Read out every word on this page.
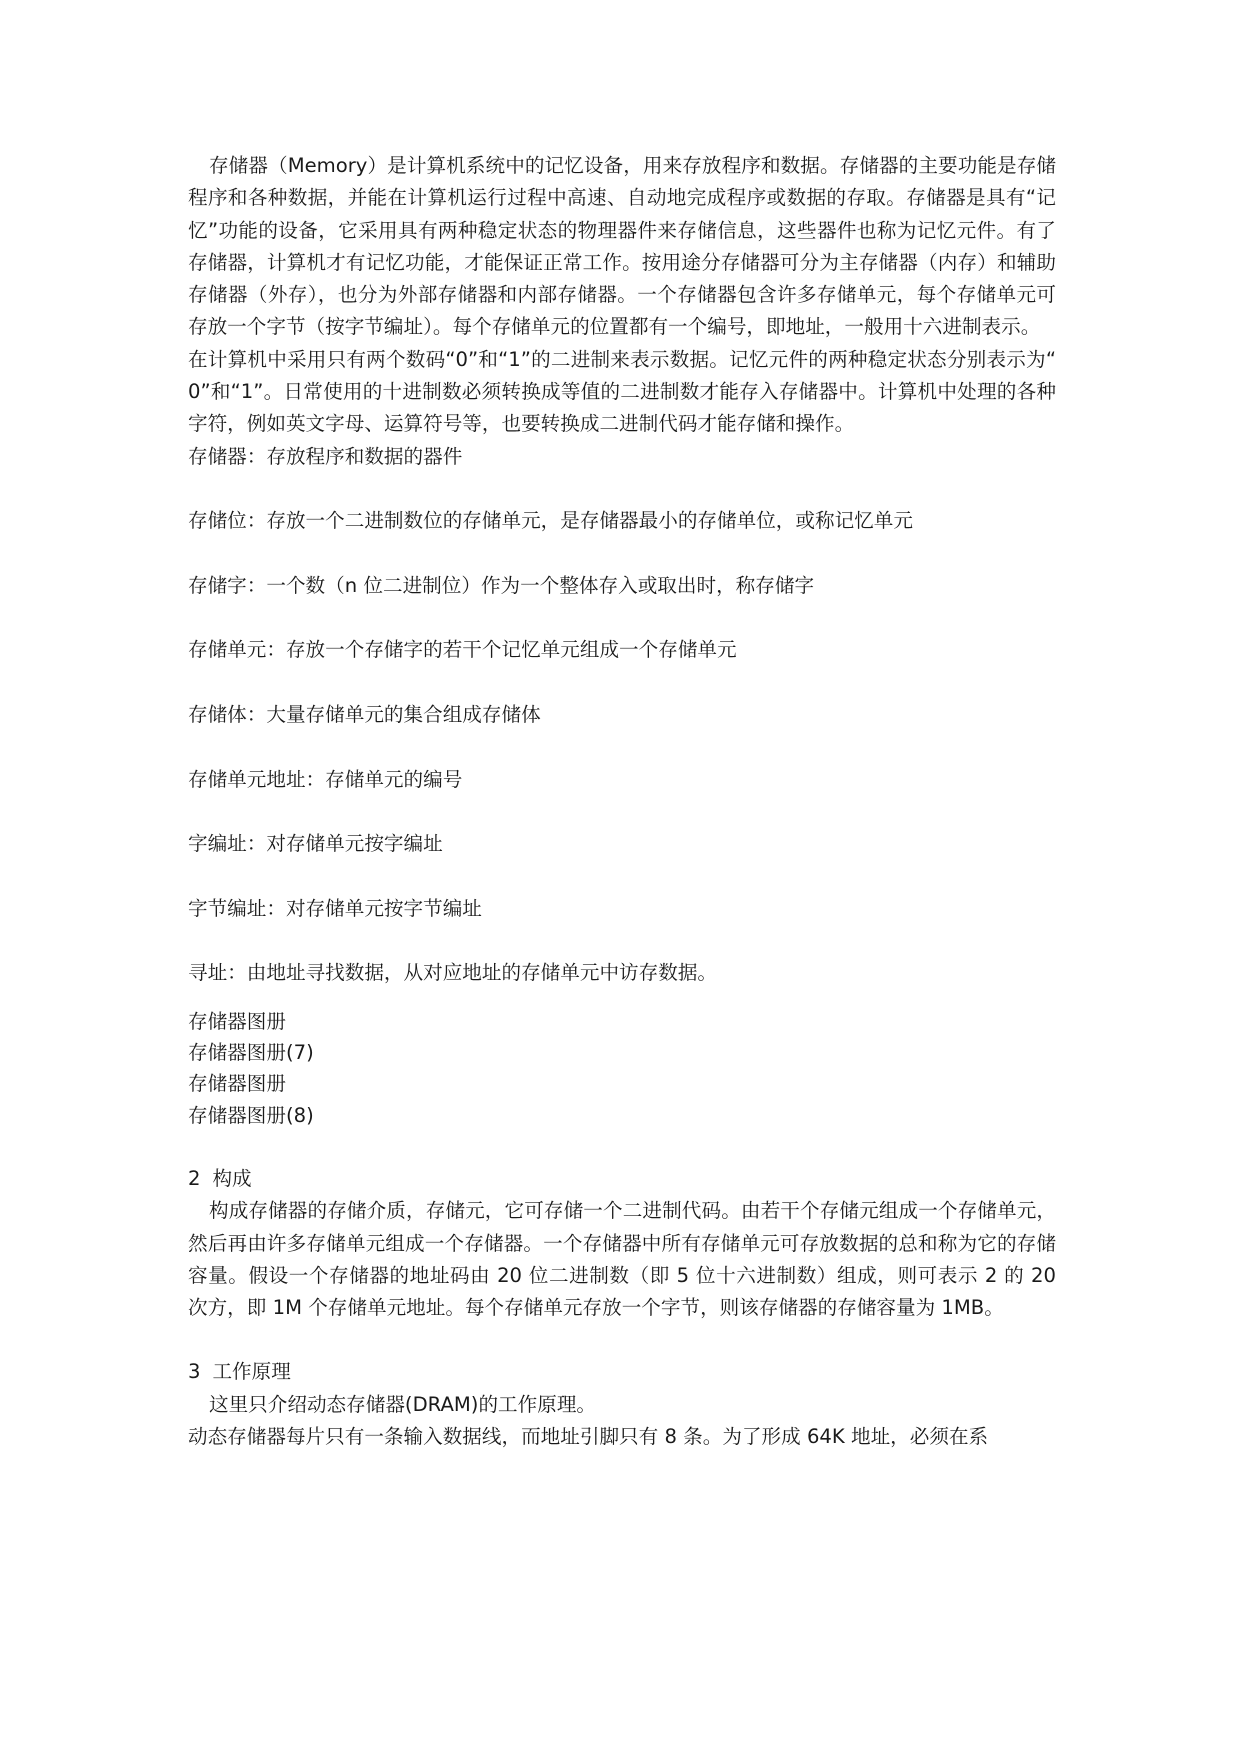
存储器（Memory）是计算机系统中的记忆设备，用来存放程序和数据。存储器的主要功能是存储程序和各种数据，并能在计算机运行过程中高速、自动地完成程序或数据的存取。存储器是具有“记忆”功能的设备，它采用具有两种稳定状态的物理器件来存储信息，这些器件也称为记忆元件。有了存储器，计算机才有记忆功能，才能保证正常工作。按用途分存储器可分为主存储器（内存）和辅助存储器（外存），也分为外部存储器和内部存储器。一个存储器包含许多存储单元，每个存储单元可存放一个字节（按字节编址）。每个存储单元的位置都有一个编号，即地址，一般用十六进制表示。

在计算机中采用只有两个数码“0”和“1”的二进制来表示数据。记忆元件的两种稳定状态分别表示为“0”和“1”。日常使用的十进制数必须转换成等值的二进制数才能存入存储器中。计算机中处理的各种字符，例如英文字母、运算符号等，也要转换成二进制代码才能存储和操作。

存储器：存放程序和数据的器件

存储位：存放一个二进制数位的存储单元，是存储器最小的存储单位，或称记忆单元

存储字：一个数（n 位二进制位）作为一个整体存入或取出时，称存储字

存储单元：存放一个存储字的若干个记忆单元组成一个存储单元

存储体：大量存储单元的集合组成存储体

存储单元地址：存储单元的编号

字编址：对存储单元按字编址

字节编址：对存储单元按字节编址

寻址：由地址寻找数据，从对应地址的存储单元中访存数据。

存储器图册

存储器图册(7)

存储器图册

存储器图册(8)

2 构成

构成存储器的存储介质，存储元，它可存储一个二进制代码。由若干个存储元组成一个存储单元，然后再由许多存储单元组成一个存储器。一个存储器中所有存储单元可存放数据的总和称为它的存储容量。假设一个存储器的地址码由 20 位二进制数（即 5 位十六进制数）组成，则可表示 2 的 20 次方，即 1M 个存储单元地址。每个存储单元存放一个字节，则该存储器的存储容量为 1MB。

3 工作原理

这里只介绍动态存储器(DRAM)的工作原理。

动态存储器每片只有一条输入数据线，而地址引脚只有 8 条。为了形成 64K 地址，必须在系
